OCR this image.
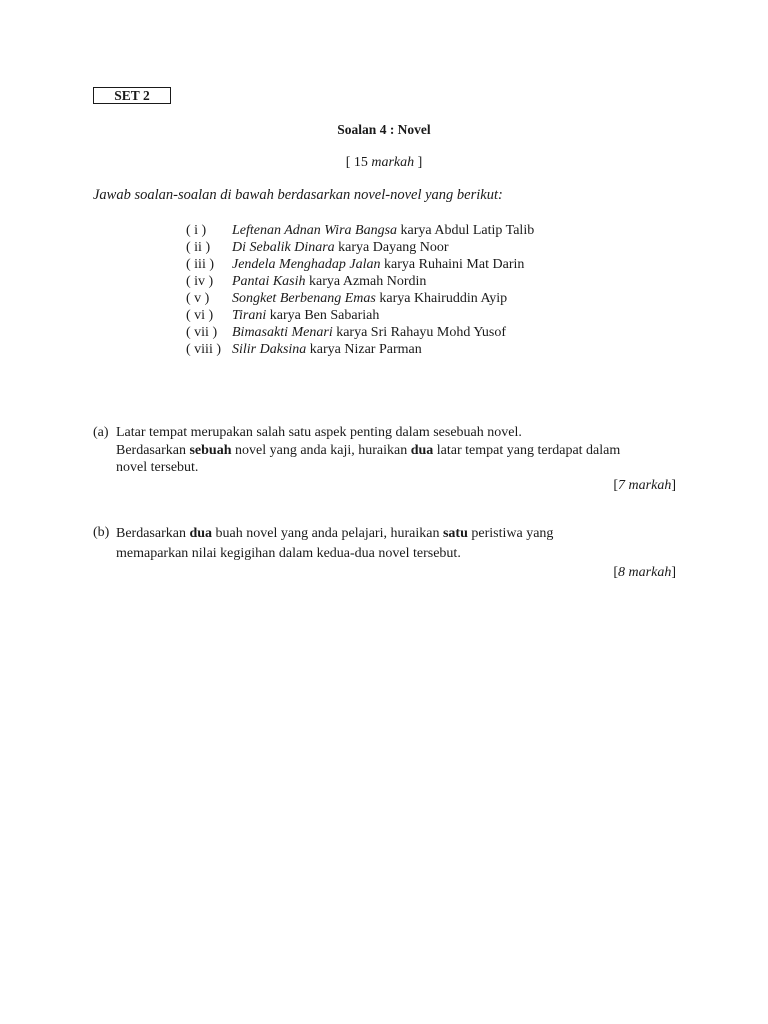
SET 2
Soalan 4 : Novel
[ 15 markah ]
Jawab soalan-soalan di bawah berdasarkan novel-novel yang berikut:
( i ) Leftenan Adnan Wira Bangsa karya Abdul Latip Talib
( ii ) Di Sebalik Dinara karya Dayang Noor
( iii ) Jendela Menghadap Jalan karya Ruhaini Mat Darin
( iv ) Pantai Kasih karya Azmah Nordin
( v ) Songket Berbenang Emas karya Khairuddin Ayip
( vi ) Tirani karya Ben Sabariah
( vii ) Bimasakti Menari karya Sri Rahayu Mohd Yusof
( viii ) Silir Daksina karya Nizar Parman
(a) Latar tempat merupakan salah satu aspek penting dalam sesebuah novel.

Berdasarkan sebuah novel yang anda kaji, huraikan dua latar tempat yang terdapat dalam

novel tersebut.

[7 markah]
(b) Berdasarkan dua buah novel yang anda pelajari, huraikan satu peristiwa yang

memaparkan nilai kegigihan dalam kedua-dua novel tersebut.

[8 markah]
